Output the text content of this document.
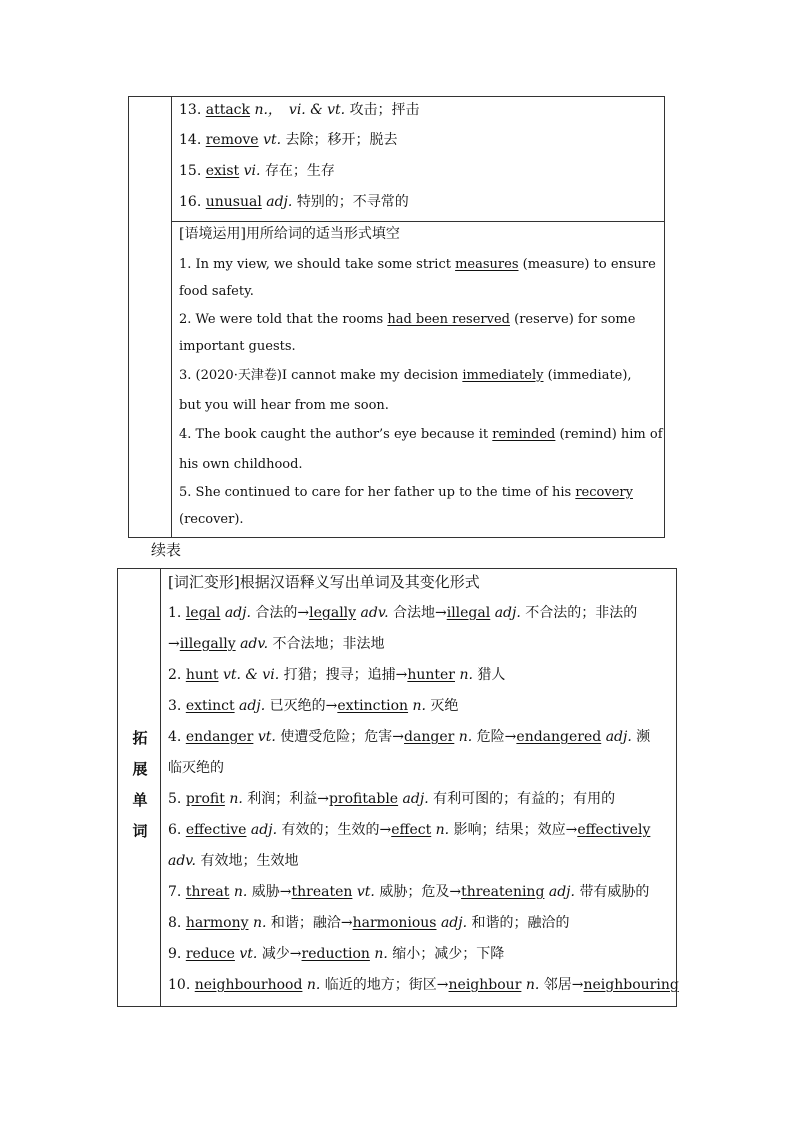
13. attack n.，　vi. & vt. 攻击；抨击
14. remove vt. 去除；移开；脱去
15. exist vi. 存在；生存
16. unusual adj. 特别的；不寻常的
[语境运用]用所给词的适当形式填空
1. In my view, we should take some strict measures (measure) to ensure
food safety.
2. We were told that the rooms had been reserved (reserve) for some
important guests.
3. (2020·天津卷)I cannot make my decision immediately (immediate),
but you will hear from me soon.
4. The book caught the author’s eye because it reminded (remind) him of
his own childhood.
5. She continued to care for her father up to the time of his recovery
(recover).
续表
[词汇变形]根据汉语释义写出单词及其变化形式
1. legal adj. 合法的→legally adv. 合法地→illegal adj. 不合法的；非法的
→illegally adv. 不合法地；非法地
2. hunt vt. & vi. 打猎；搜寻；追捕→hunter n. 猎人
3. extinct adj. 已灭绝的→extinction n. 灭绝
4. endanger vt. 使遭受危险；危害→danger n. 危险→endangered adj. 濒
临灭绝的
5. profit n. 利润；利益→profitable adj. 有利可图的；有益的；有用的
6. effective adj. 有效的；生效的→effect n. 影响；结果；效应→effectively
adv. 有效地；生效地
7. threat n. 威胁→threaten vt. 威胁；危及→threatening adj. 带有威胁的
8. harmony n. 和谐；融洽→harmonious adj. 和谐的；融洽的
9. reduce vt. 减少→reduction n. 缩小；减少；下降
10. neighbourhood n. 临近的地方；街区→neighbour n. 邻居→neighbouring
拓
展
单
词
